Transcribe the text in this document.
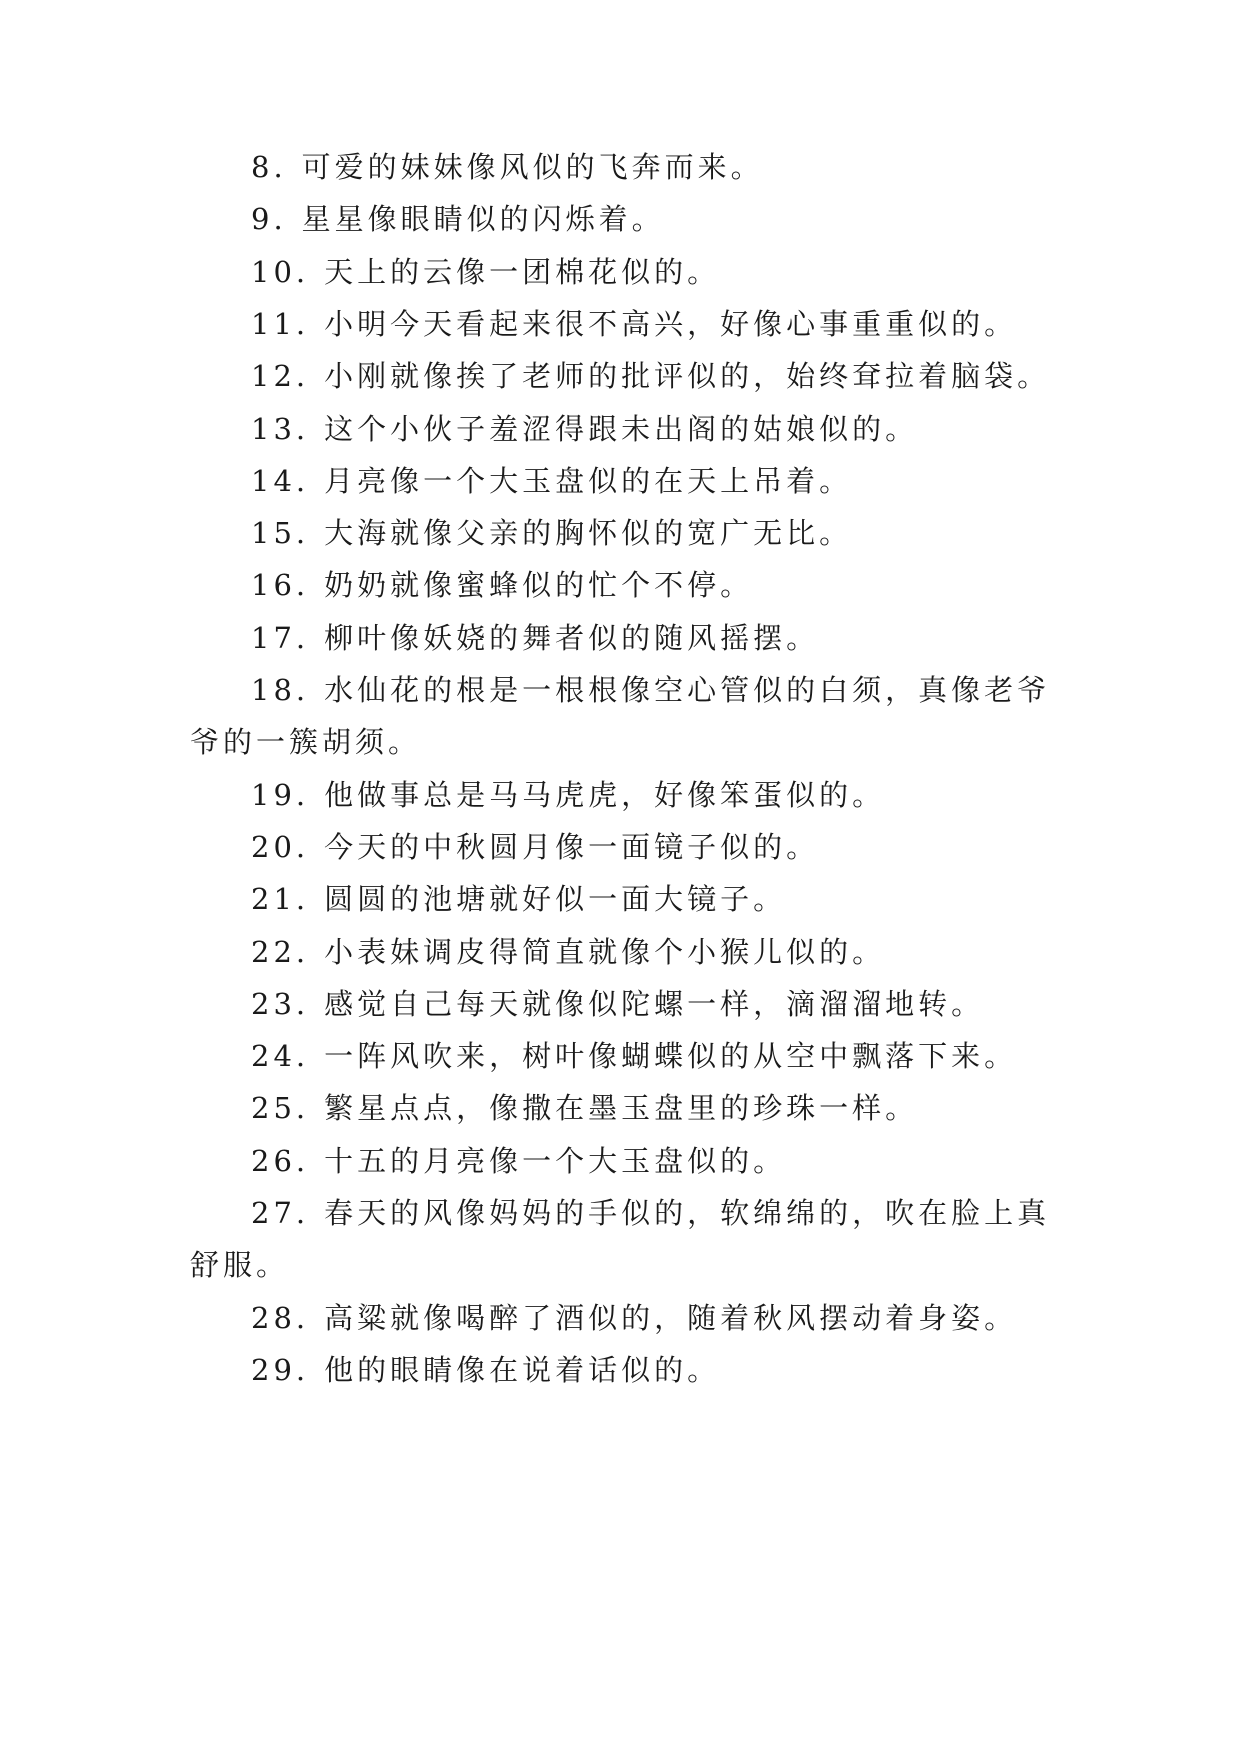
8. 可爱的妹妹像风似的飞奔而来。
9. 星星像眼睛似的闪烁着。
10. 天上的云像一团棉花似的。
11. 小明今天看起来很不高兴，好像心事重重似的。
12. 小刚就像挨了老师的批评似的，始终耷拉着脑袋。
13. 这个小伙子羞涩得跟未出阁的姑娘似的。
14. 月亮像一个大玉盘似的在天上吊着。
15. 大海就像父亲的胸怀似的宽广无比。
16. 奶奶就像蜜蜂似的忙个不停。
17. 柳叶像妖娆的舞者似的随风摇摆。
18. 水仙花的根是一根根像空心管似的白须，真像老爷
爷的一簇胡须。
19. 他做事总是马马虎虎，好像笨蛋似的。
20. 今天的中秋圆月像一面镜子似的。
21. 圆圆的池塘就好似一面大镜子。
22. 小表妹调皮得简直就像个小猴儿似的。
23. 感觉自己每天就像似陀螺一样，滴溜溜地转。
24. 一阵风吹来，树叶像蝴蝶似的从空中飘落下来。
25. 繁星点点，像撒在墨玉盘里的珍珠一样。
26. 十五的月亮像一个大玉盘似的。
27. 春天的风像妈妈的手似的，软绵绵的，吹在脸上真
舒服。
28. 高粱就像喝醉了酒似的，随着秋风摆动着身姿。
29. 他的眼睛像在说着话似的。
